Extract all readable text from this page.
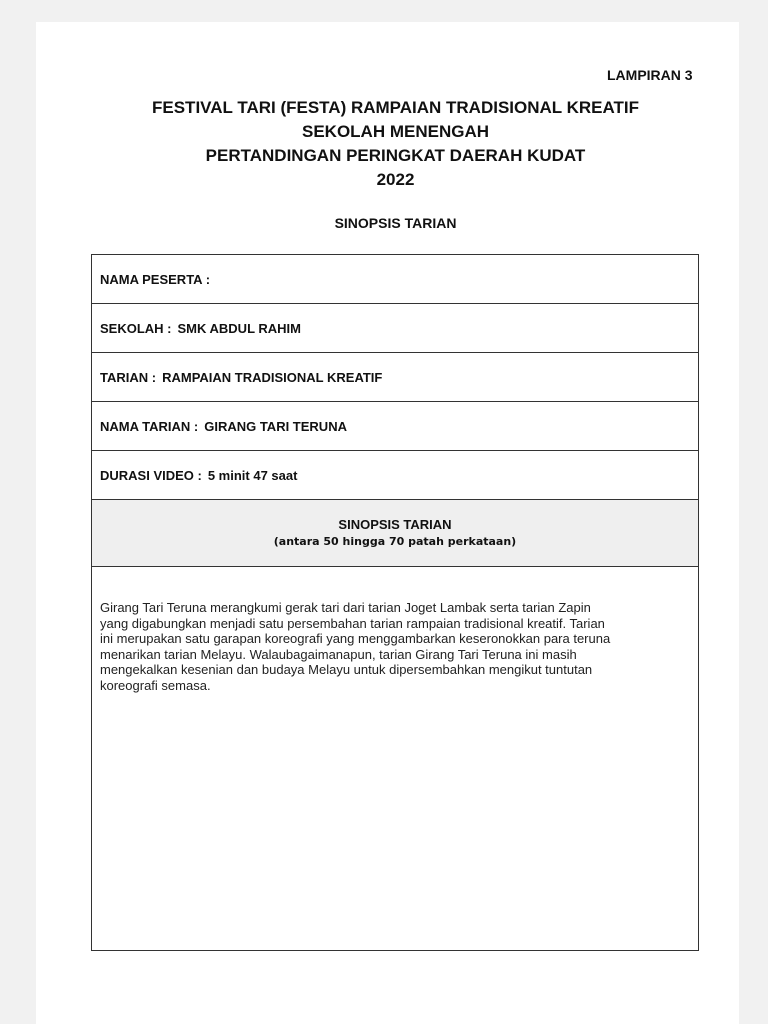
LAMPIRAN 3
FESTIVAL TARI (FESTA) RAMPAIAN TRADISIONAL KREATIF
SEKOLAH MENENGAH
PERTANDINGAN PERINGKAT DAERAH KUDAT
2022
SINOPSIS TARIAN
NAMA PESERTA :
SEKOLAH : SMK ABDUL RAHIM
TARIAN : RAMPAIAN TRADISIONAL KREATIF
NAMA TARIAN : GIRANG TARI TERUNA
DURASI VIDEO : 5 minit 47 saat
SINOPSIS TARIAN
(antara 50 hingga 70 patah perkataan)
Girang Tari Teruna merangkumi gerak tari dari tarian Joget Lambak serta tarian Zapin
yang digabungkan menjadi satu persembahan tarian rampaian tradisional kreatif. Tarian
ini merupakan satu garapan koreografi yang menggambarkan keseronokkan para teruna
menarikan tarian Melayu. Walaubagaimanapun, tarian Girang Tari Teruna ini masih
mengekalkan kesenian dan budaya Melayu untuk dipersembahkan mengikut tuntutan
koreografi semasa.
